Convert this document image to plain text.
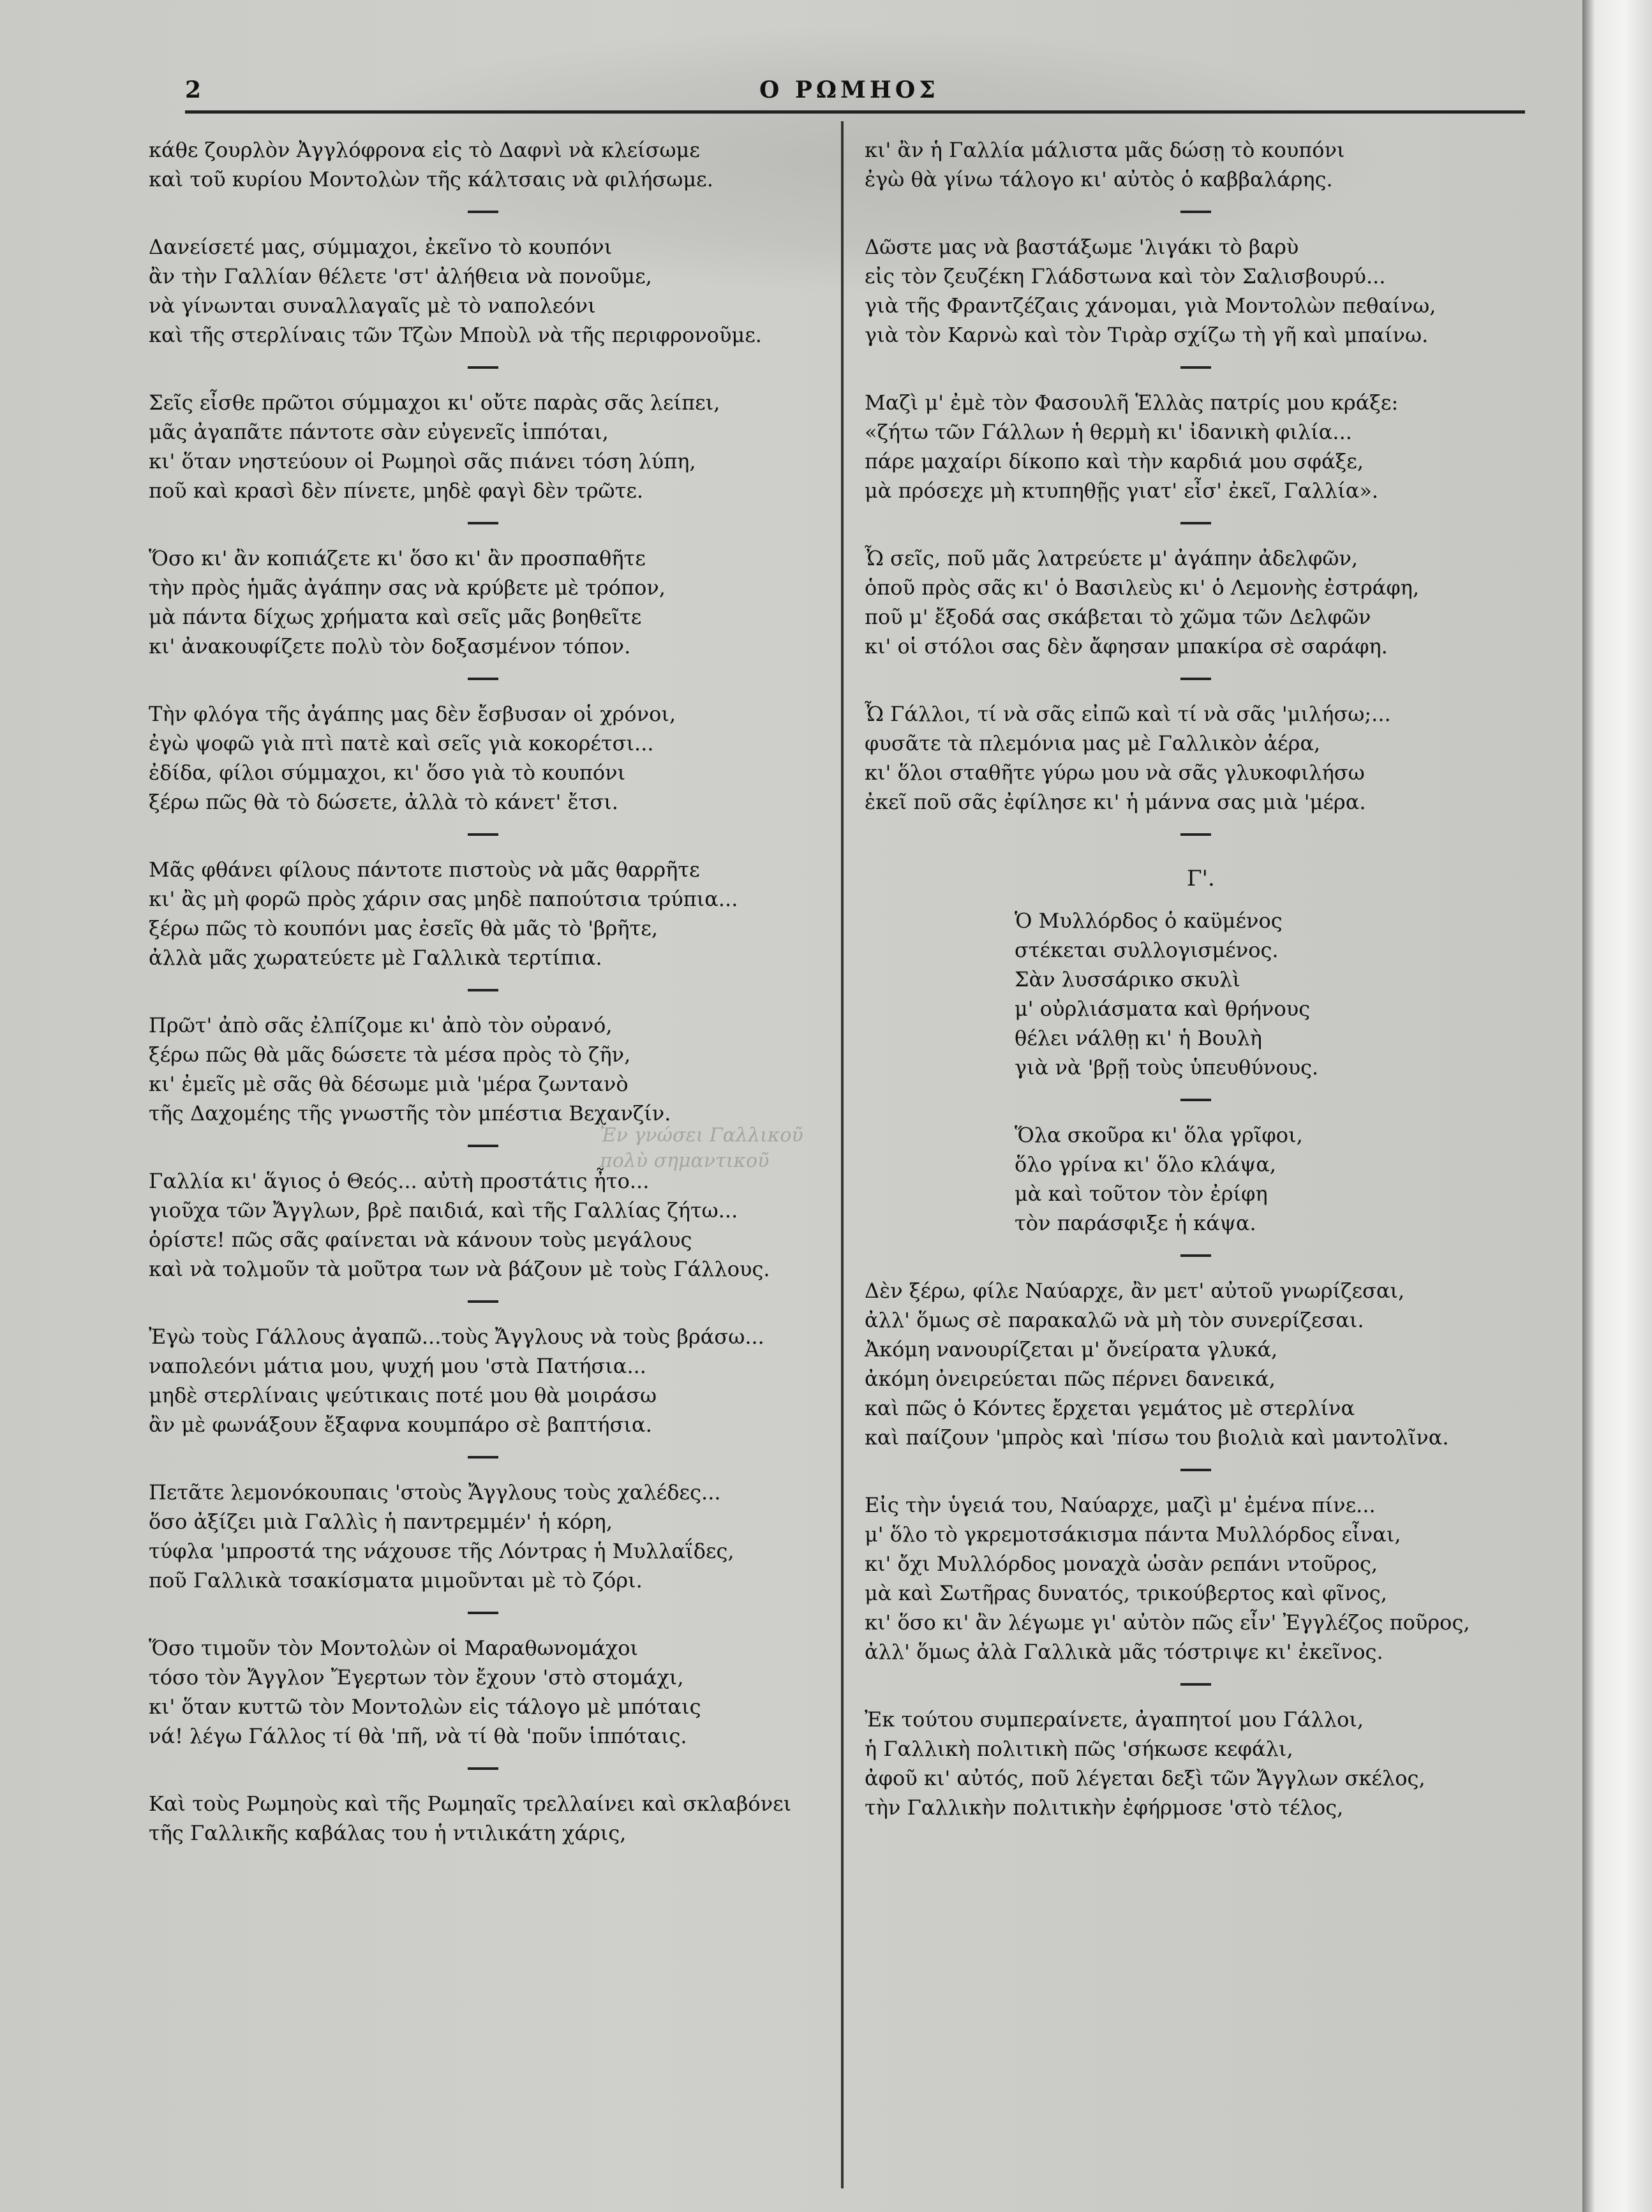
2	Ο ΡΩΜΗΟΣ
Ἐν γνώσει Γαλλικοῦ πολὺ σημαντικοῦ
κάθε ζουρλὸν Ἀγγλόφρονα εἰς τὸ Δαφνὶ νὰ κλείσωμε
καὶ τοῦ κυρίου Μοντολὼν τῆς κάλτσαις νὰ φιλήσωμε.
Δανείσετέ μας, σύμμαχοι, ἐκεῖνο τὸ κουπόνι
ἂν τὴν Γαλλίαν θέλετε 'στ' ἀλήθεια νὰ πονοῦμε,
νὰ γίνωνται συναλλαγαῖς μὲ τὸ ναπολεόνι
καὶ τῆς στερλίναις τῶν Τζὼν Μποὺλ νὰ τῆς περιφρονοῦμε.
Σεῖς εἶσθε πρῶτοι σύμμαχοι κι' οὔτε παρὰς σᾶς λείπει,
μᾶς ἀγαπᾶτε πάντοτε σὰν εὐγενεῖς ἱππόται,
κι' ὅταν νηστεύουν οἱ Ρωμηοὶ σᾶς πιάνει τόση λύπη,
ποῦ καὶ κρασὶ δὲν πίνετε, μηδὲ φαγὶ δὲν τρῶτε.
Ὅσο κι' ἂν κοπιάζετε κι' ὅσο κι' ἂν προσπαθῆτε
τὴν πρὸς ἡμᾶς ἀγάπην σας νὰ κρύβετε μὲ τρόπον,
μὰ πάντα δίχως χρήματα καὶ σεῖς μᾶς βοηθεῖτε
κι' ἀνακουφίζετε πολὺ τὸν δοξασμένον τόπον.
Τὴν φλόγα τῆς ἀγάπης μας δὲν ἔσβυσαν οἱ χρόνοι,
ἐγὼ ψοφῶ γιὰ πτὶ πατὲ καὶ σεῖς γιὰ κοκορέτσι...
ἐδίδα, φίλοι σύμμαχοι, κι' ὅσο γιὰ τὸ κουπόνι
ξέρω πῶς θὰ τὸ δώσετε, ἀλλὰ τὸ κάνετ' ἔτσι.
Μᾶς φθάνει φίλους πάντοτε πιστοὺς νὰ μᾶς θαρρῆτε
κι' ἂς μὴ φορῶ πρὸς χάριν σας μηδὲ παπούτσια τρύπια...
ξέρω πῶς τὸ κουπόνι μας ἐσεῖς θὰ μᾶς τὸ 'βρῆτε,
ἀλλὰ μᾶς χωρατεύετε μὲ Γαλλικὰ τερτίπια.
Πρῶτ' ἀπὸ σᾶς ἐλπίζομε κι' ἀπὸ τὸν οὐρανό,
ξέρω πῶς θὰ μᾶς δώσετε τὰ μέσα πρὸς τὸ ζῆν,
κι' ἐμεῖς μὲ σᾶς θὰ δέσωμε μιὰ 'μέρα ζωντανὸ
τῆς Δαχομέης τῆς γνωστῆς τὸν μπέστια Βεχανζίν.
Γαλλία κι' ἅγιος ὁ Θεός... αὐτὴ προστάτις ἦτο...
γιοῦχα τῶν Ἄγγλων, βρὲ παιδιά, καὶ τῆς Γαλλίας ζήτω...
ὁρίστε! πῶς σᾶς φαίνεται νὰ κάνουν τοὺς μεγάλους
καὶ νὰ τολμοῦν τὰ μοῦτρα των νὰ βάζουν μὲ τοὺς Γάλλους.
Ἐγὼ τοὺς Γάλλους ἀγαπῶ...τοὺς Ἄγγλους νὰ τοὺς βράσω...
ναπολεόνι μάτια μου, ψυχή μου 'στὰ Πατήσια...
μηδὲ στερλίναις ψεύτικαις ποτέ μου θὰ μοιράσω
ἂν μὲ φωνάξουν ἔξαφνα κουμπάρο σὲ βαπτήσια.
Πετᾶτε λεμονόκουπαις 'στοὺς Ἄγγλους τοὺς χαλέδες...
ὅσο ἀξίζει μιὰ Γαλλὶς ἡ παντρεμμέν' ἡ κόρη,
τύφλα 'μπροστά της νάχουσε τῆς Λόντρας ἡ Μυλλαΐδες,
ποῦ Γαλλικὰ τσακίσματα μιμοῦνται μὲ τὸ ζόρι.
Ὅσο τιμοῦν τὸν Μοντολὼν οἱ Μαραθωνομάχοι
τόσο τὸν Ἄγγλον Ἔγερτων τὸν ἔχουν 'στὸ στομάχι,
κι' ὅταν κυττῶ τὸν Μοντολὼν εἰς τάλογο μὲ μπόταις
νά! λέγω Γάλλος τί θὰ 'πῆ, νὰ τί θὰ 'ποῦν ἱππόταις.
Καὶ τοὺς Ρωμηοὺς καὶ τῆς Ρωμηαῖς τρελλαίνει καὶ σκλαβόνει
τῆς Γαλλικῆς καβάλας του ἡ ντιλικάτη χάρις,
κι' ἂν ἡ Γαλλία μάλιστα μᾶς δώσῃ τὸ κουπόνι
ἐγὼ θὰ γίνω τάλογο κι' αὐτὸς ὁ καββαλάρης.
Δῶστε μας νὰ βαστάξωμε 'λιγάκι τὸ βαρὺ
εἰς τὸν ζευζέκη Γλάδστωνα καὶ τὸν Σαλισβουρύ...
γιὰ τῆς Φραντζέζαις χάνομαι, γιὰ Μοντολὼν πεθαίνω,
γιὰ τὸν Καρνὼ καὶ τὸν Τιρὰρ σχίζω τὴ γῆ καὶ μπαίνω.
Μαζὶ μ' ἐμὲ τὸν Φασουλῆ Ἑλλὰς πατρίς μου κράξε:
«ζήτω τῶν Γάλλων ἡ θερμὴ κι' ἰδανικὴ φιλία...
πάρε μαχαίρι δίκοπο καὶ τὴν καρδιά μου σφάξε,
μὰ πρόσεχε μὴ κτυπηθῇς γιατ' εἶσ' ἐκεῖ, Γαλλία».
Ὦ σεῖς, ποῦ μᾶς λατρεύετε μ' ἀγάπην ἀδελφῶν,
ὁποῦ πρὸς σᾶς κι' ὁ Βασιλεὺς κι' ὁ Λεμονὴς ἐστράφη,
ποῦ μ' ἔξοδά σας σκάβεται τὸ χῶμα τῶν Δελφῶν
κι' οἱ στόλοι σας δὲν ἄφησαν μπακίρα σὲ σαράφη.
Ὦ Γάλλοι, τί νὰ σᾶς εἰπῶ καὶ τί νὰ σᾶς 'μιλήσω;...
φυσᾶτε τὰ πλεμόνια μας μὲ Γαλλικὸν ἀέρα,
κι' ὅλοι σταθῆτε γύρω μου νὰ σᾶς γλυκοφιλήσω
ἐκεῖ ποῦ σᾶς ἐφίλησε κι' ἡ μάννα σας μιὰ 'μέρα.
Γ'.
Ὁ Μυλλόρδος ὁ καϋμένος
στέκεται συλλογισμένος.
Σὰν λυσσάρικο σκυλὶ
μ' οὐρλιάσματα καὶ θρήνους
θέλει νάλθῃ κι' ἡ Βουλὴ
γιὰ νὰ 'βρῇ τοὺς ὑπευθύνους.
Ὅλα σκοῦρα κι' ὅλα γρῖφοι,
ὅλο γρίνα κι' ὅλο κλάψα,
μὰ καὶ τοῦτον τὸν ἐρίφη
τὸν παράσφιξε ἡ κάψα.
Δὲν ξέρω, φίλε Ναύαρχε, ἂν μετ' αὐτοῦ γνωρίζεσαι,
ἀλλ' ὅμως σὲ παρακαλῶ νὰ μὴ τὸν συνερίζεσαι.
Ἀκόμη νανουρίζεται μ' ὄνείρατα γλυκά,
ἀκόμη ὀνειρεύεται πῶς πέρνει δανεικά,
καὶ πῶς ὁ Κόντες ἔρχεται γεμάτος μὲ στερλίνα
καὶ παίζουν 'μπρὸς καὶ 'πίσω του βιολιὰ καὶ μαντολῖνα.
Εἰς τὴν ὑγειά του, Ναύαρχε, μαζὶ μ' ἐμένα πίνε...
μ' ὅλο τὸ γκρεμοτσάκισμα πάντα Μυλλόρδος εἶναι,
κι' ὄχι Μυλλόρδος μοναχὰ ὡσὰν ρεπάνι ντοῦρος,
μὰ καὶ Σωτῆρας δυνατός, τρικούβερτος καὶ φῖνος,
κι' ὅσο κι' ἂν λέγωμε γι' αὐτὸν πῶς εἶν' Ἐγγλέζος ποῦρος,
ἀλλ' ὅμως ἀλὰ Γαλλικὰ μᾶς τόστριψε κι' ἐκεῖνος.
Ἐκ τούτου συμπεραίνετε, ἀγαπητοί μου Γάλλοι,
ἡ Γαλλικὴ πολιτικὴ πῶς 'σήκωσε κεφάλι,
ἀφοῦ κι' αὐτός, ποῦ λέγεται δεξὶ τῶν Ἄγγλων σκέλος,
τὴν Γαλλικὴν πολιτικὴν ἐφήρμοσε 'στὸ τέλος,
